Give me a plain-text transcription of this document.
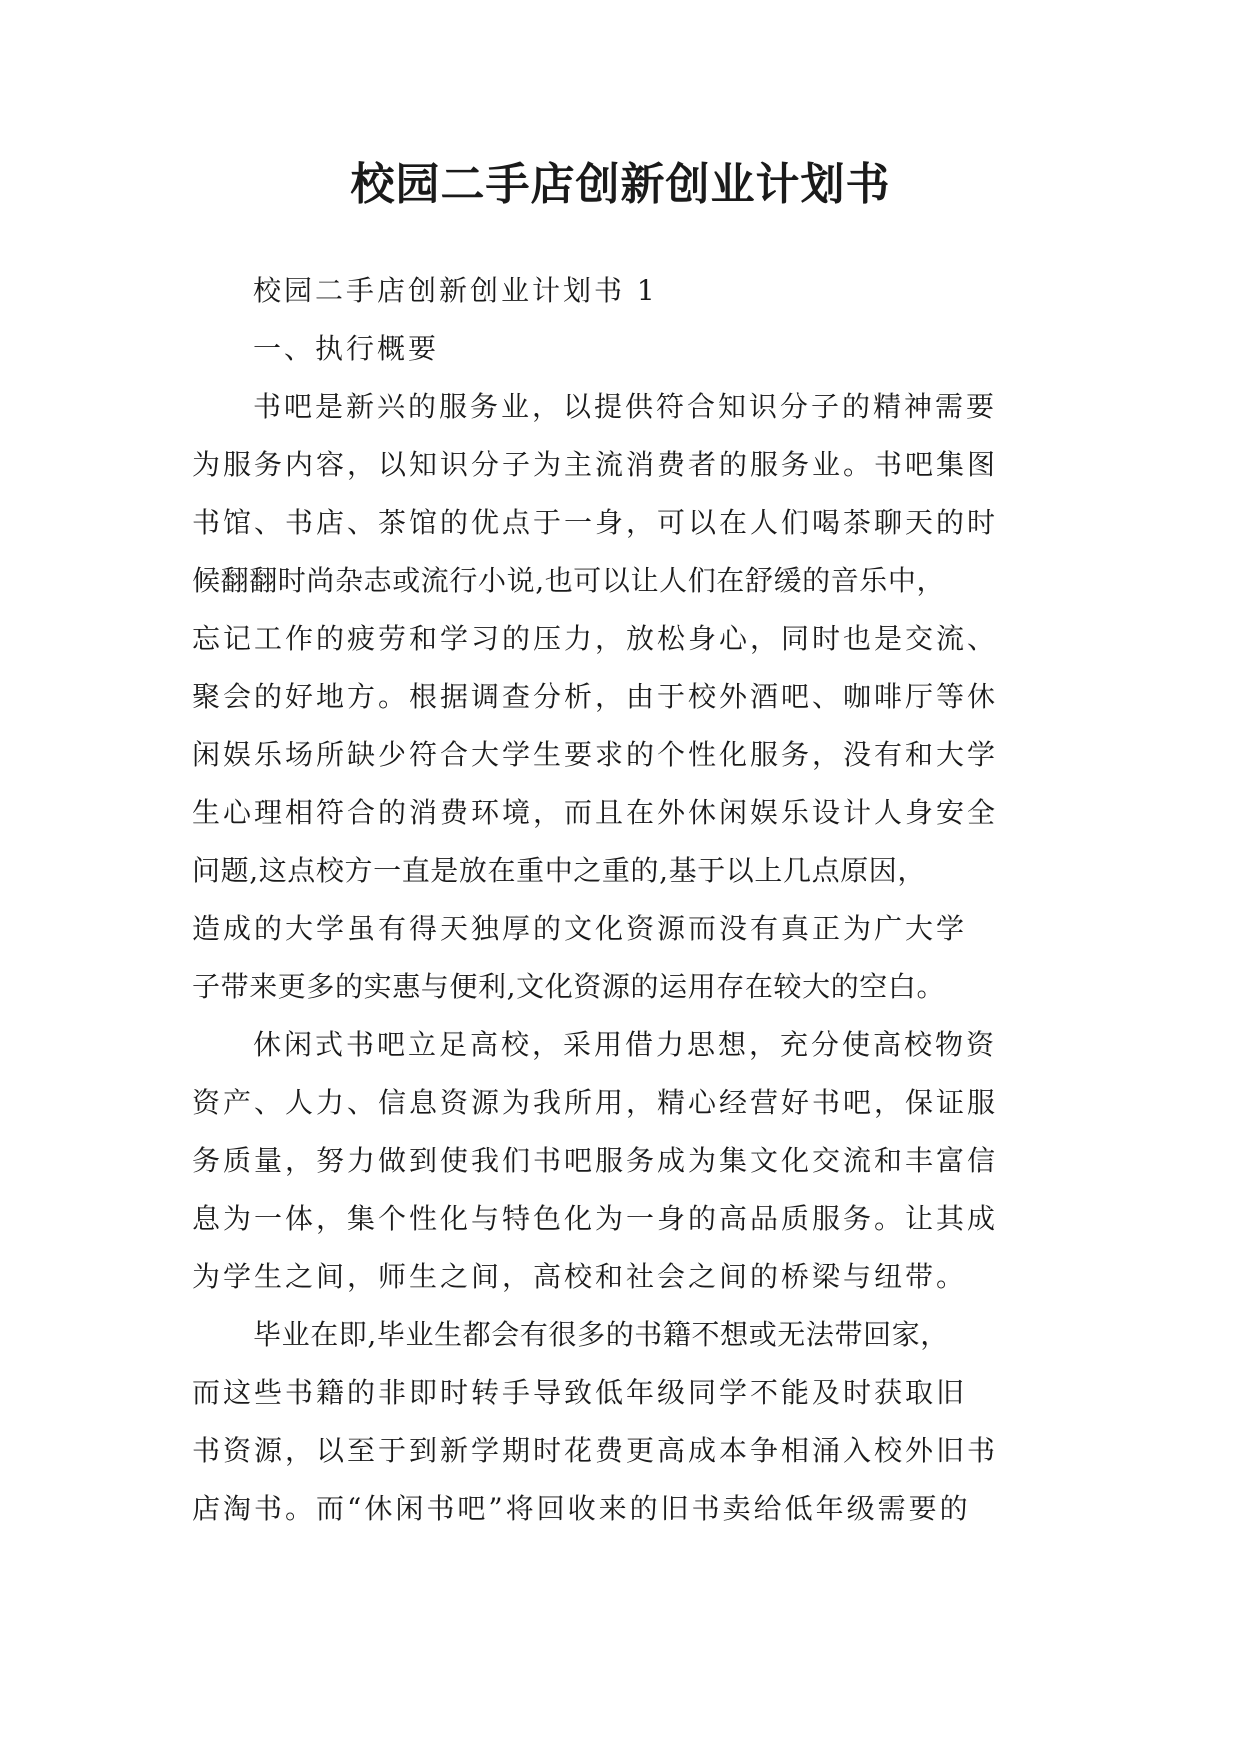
校园二手店创新创业计划书

校园二手店创新创业计划书 1

一、执行概要

书吧是新兴的服务业，以提供符合知识分子的精神需要

为服务内容，以知识分子为主流消费者的服务业。书吧集图

书馆、书店、茶馆的优点于一身，可以在人们喝茶聊天的时

候翻翻时尚杂志或流行小说,也可以让人们在舒缓的音乐中，

忘记工作的疲劳和学习的压力，放松身心，同时也是交流、

聚会的好地方。根据调查分析，由于校外酒吧、咖啡厅等休

闲娱乐场所缺少符合大学生要求的个性化服务，没有和大学

生心理相符合的消费环境，而且在外休闲娱乐设计人身安全

问题,这点校方一直是放在重中之重的,基于以上几点原因，

造成的大学虽有得天独厚的文化资源而没有真正为广大学

子带来更多的实惠与便利,文化资源的运用存在较大的空白。

休闲式书吧立足高校，采用借力思想，充分使高校物资

资产、人力、信息资源为我所用，精心经营好书吧，保证服

务质量，努力做到使我们书吧服务成为集文化交流和丰富信

息为一体，集个性化与特色化为一身的高品质服务。让其成

为学生之间，师生之间，高校和社会之间的桥梁与纽带。

毕业在即,毕业生都会有很多的书籍不想或无法带回家，

而这些书籍的非即时转手导致低年级同学不能及时获取旧

书资源，以至于到新学期时花费更高成本争相涌入校外旧书

店淘书。而“休闲书吧”将回收来的旧书卖给低年级需要的
